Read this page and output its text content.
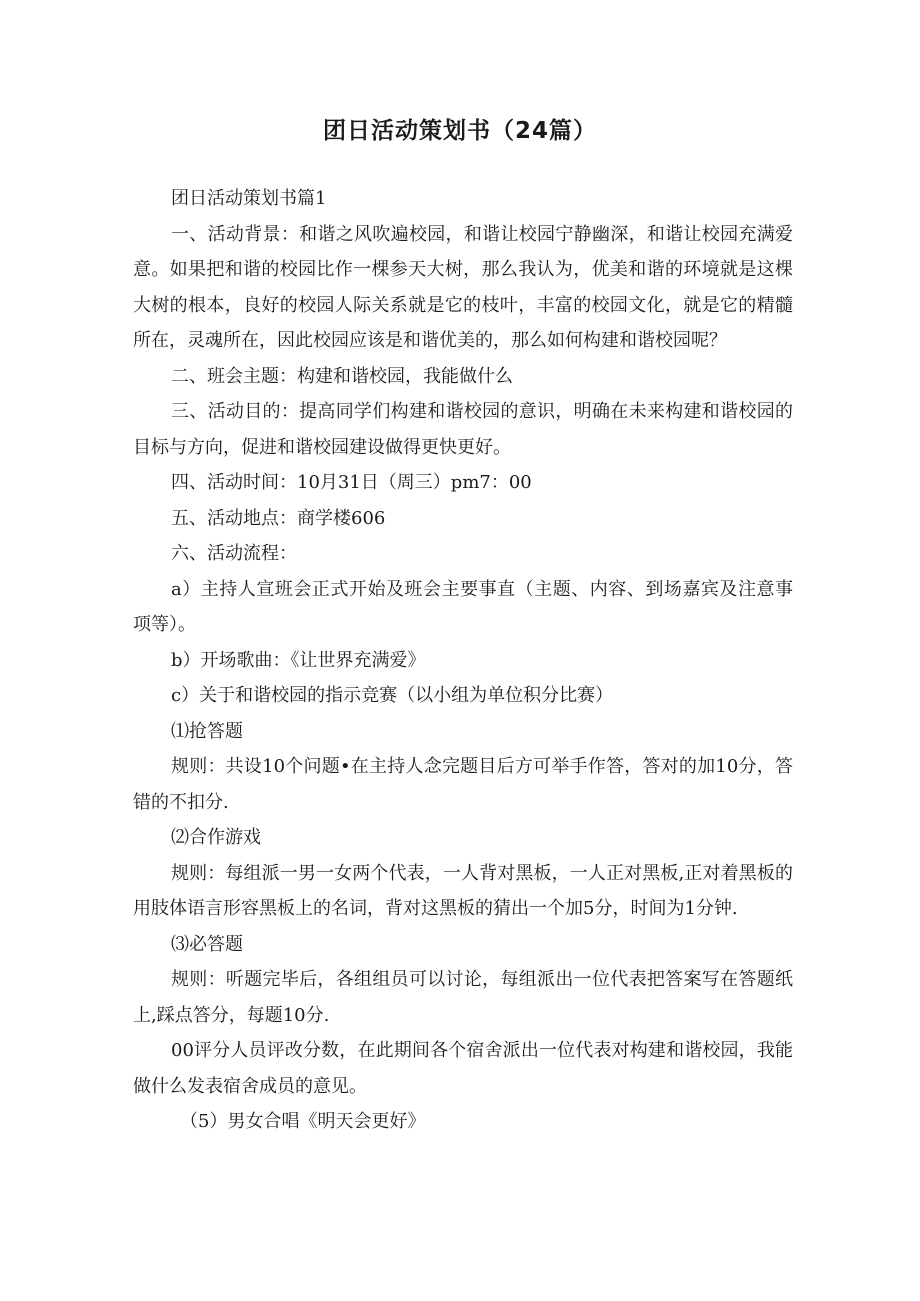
团日活动策划书（24篇）

团日活动策划书篇1

一、活动背景：和谐之风吹遍校园，和谐让校园宁静幽深，和谐让校园充满爱意。如果把和谐的校园比作一棵参天大树，那么我认为，优美和谐的环境就是这棵大树的根本，良好的校园人际关系就是它的枝叶，丰富的校园文化，就是它的精髓所在，灵魂所在，因此校园应该是和谐优美的，那么如何构建和谐校园呢？

二、班会主题：构建和谐校园，我能做什么

三、活动目的：提高同学们构建和谐校园的意识，明确在未来构建和谐校园的目标与方向，促进和谐校园建设做得更快更好。

四、活动时间：10月31日（周三）pm7：00

五、活动地点：商学楼606

六、活动流程：

a）主持人宣班会正式开始及班会主要事直（主题、内容、到场嘉宾及注意事项等）。

b）开场歌曲：《让世界充满爱》

c）关于和谐校园的指示竞赛（以小组为单位积分比赛）

⑴抢答题

规则：共设10个问题•在主持人念完题目后方可举手作答，答对的加10分，答错的不扣分.

⑵合作游戏

规则：每组派一男一女两个代表，一人背对黑板，一人正对黑板,正对着黑板的用肢体语言形容黑板上的名词，背对这黑板的猜出一个加5分，时间为1分钟.

⑶必答题

规则：听题完毕后，各组组员可以讨论，每组派出一位代表把答案写在答题纸上,踩点答分，每题10分.

00评分人员评改分数，在此期间各个宿舍派出一位代表对构建和谐校园，我能做什么发表宿舍成员的意见。

（5）男女合唱《明天会更好》
